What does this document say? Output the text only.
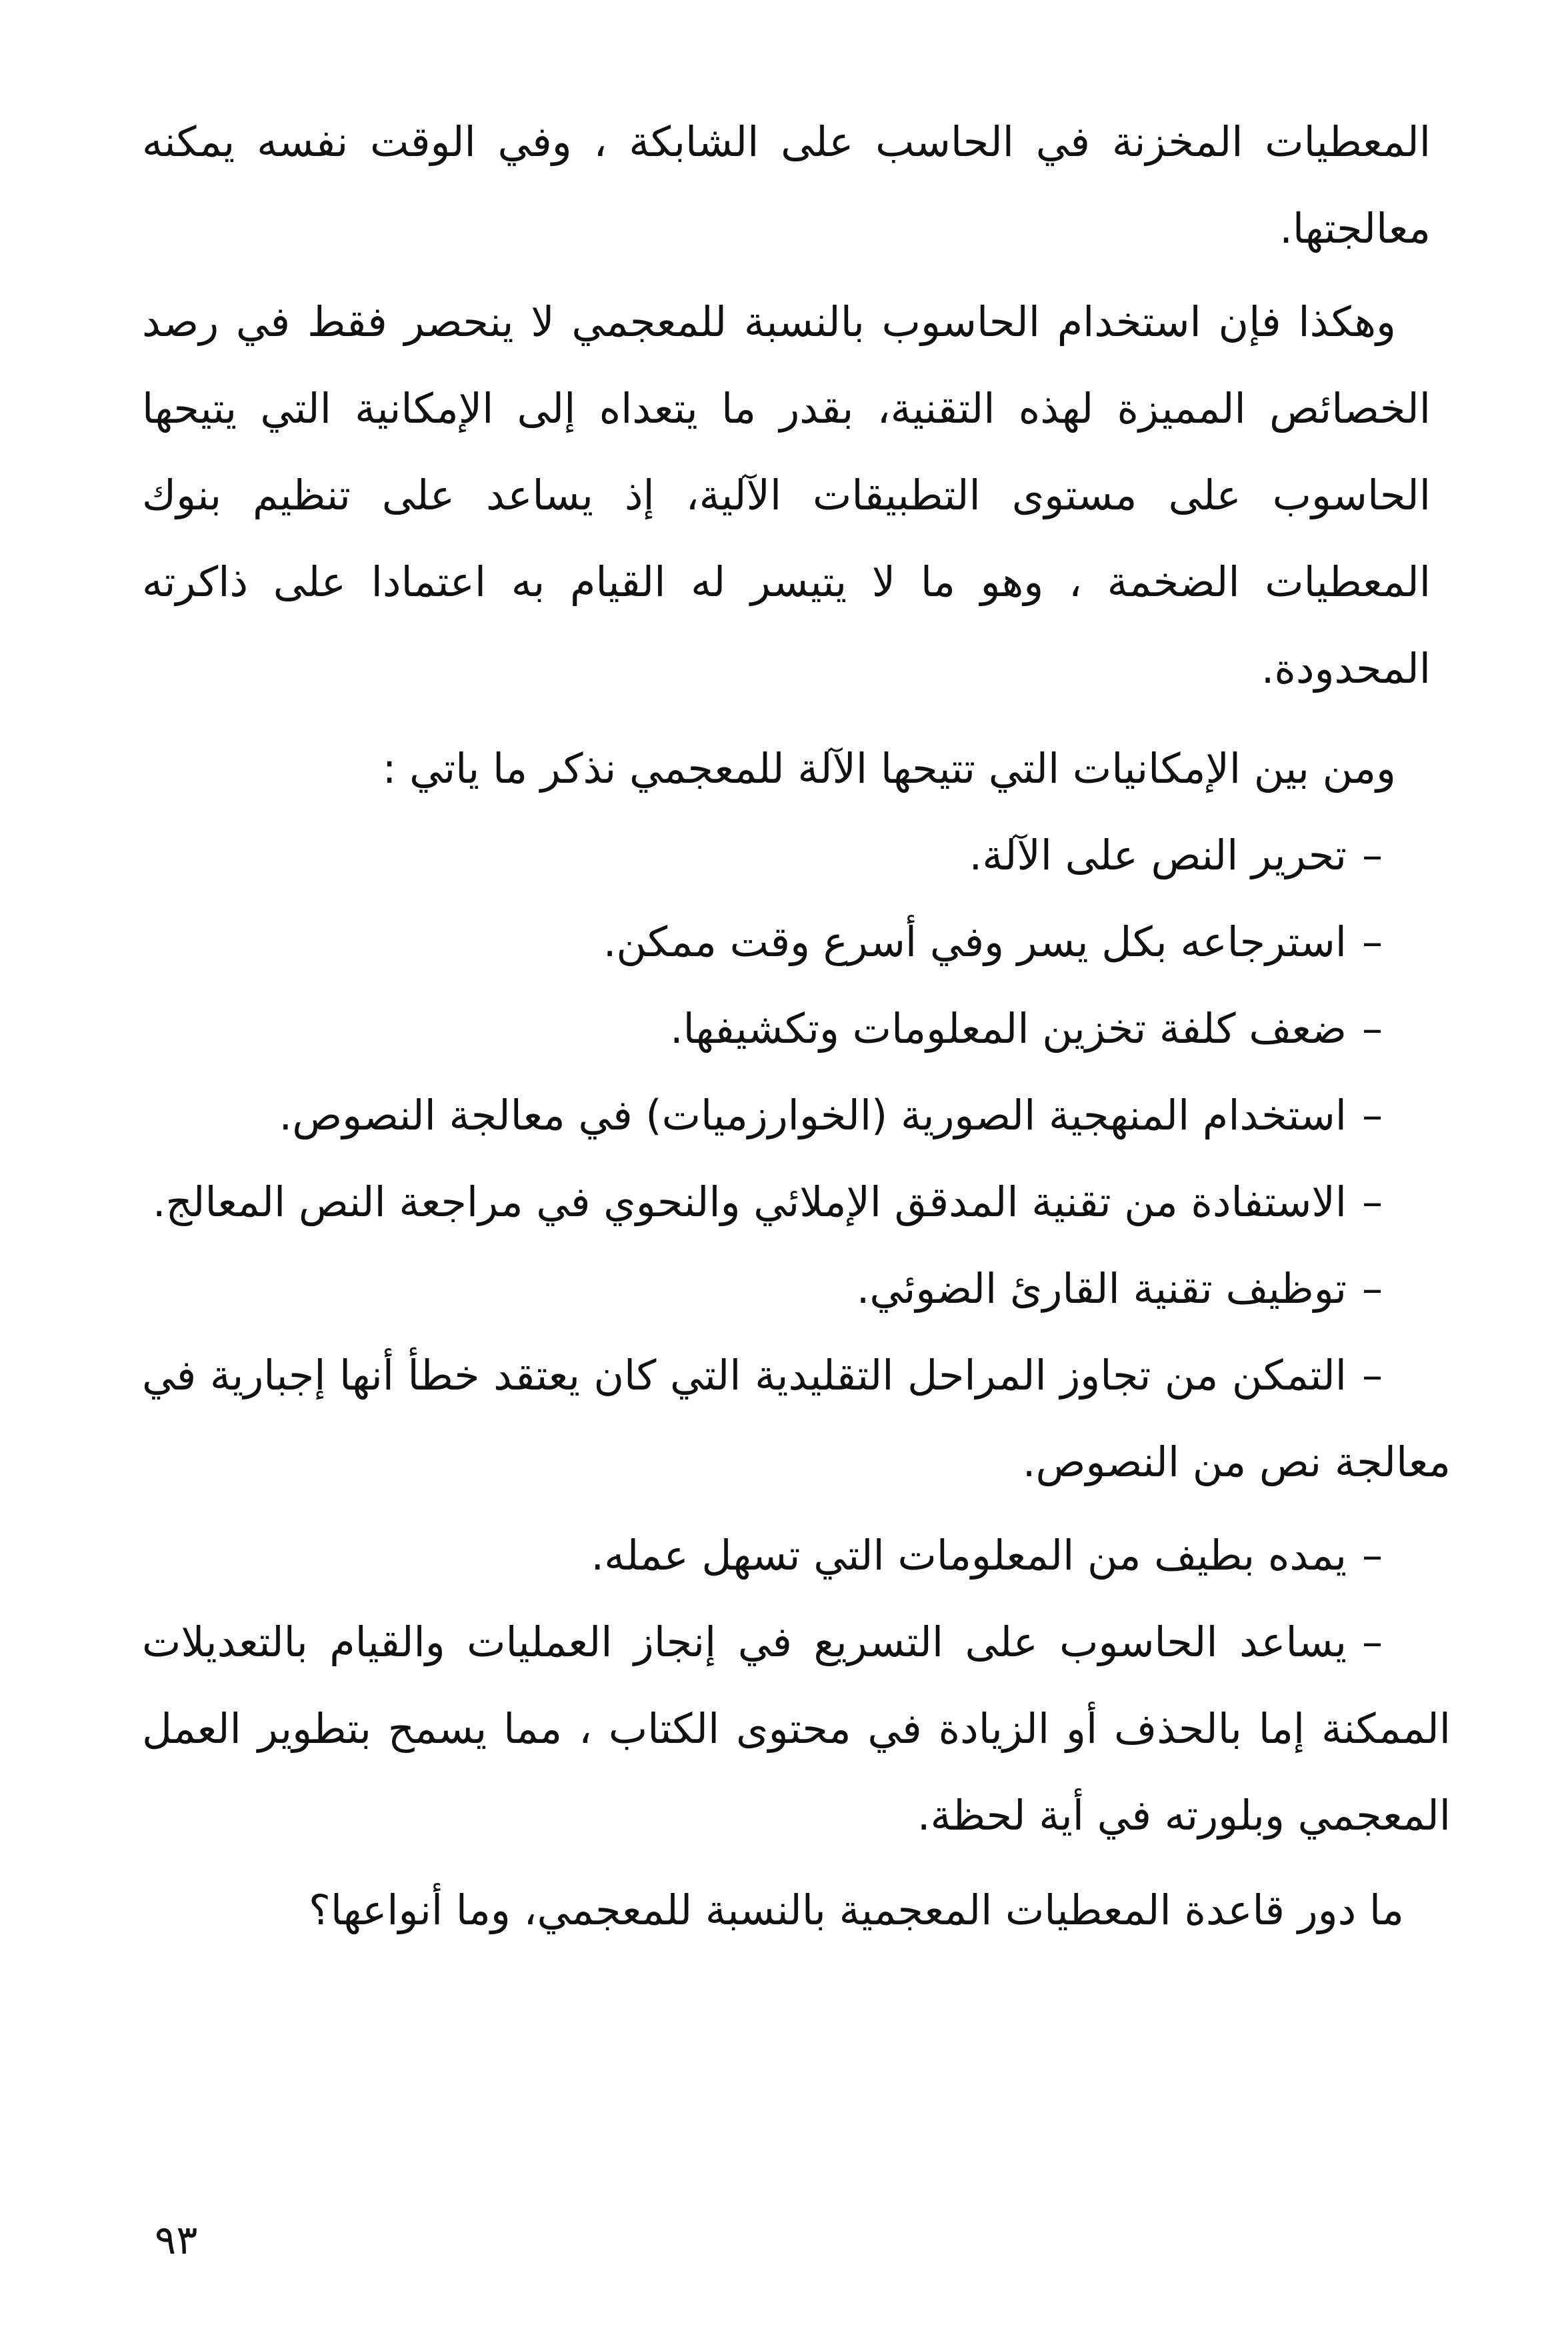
المعطيات المخزنة في الحاسب على الشابكة ، وفي الوقت نفسه يمكنه
معالجتها.
وهكذا فإن استخدام الحاسوب بالنسبة للمعجمي لا ينحصر فقط في رصد
الخصائص المميزة لهذه التقنية، بقدر ما يتعداه إلى الإمكانية التي يتيحها
الحاسوب على مستوى التطبيقات الآلية، إذ يساعد على تنظيم بنوك
المعطيات الضخمة ، وهو ما لا يتيسر له القيام به اعتمادا على ذاكرته
المحدودة.
ومن بين الإمكانيات التي تتيحها الآلة للمعجمي نذكر ما ياتي :
–
تحرير النص على الآلة.
–
استرجاعه بكل يسر وفي أسرع وقت ممكن.
–
ضعف كلفة تخزين المعلومات وتكشيفها.
–
استخدام المنهجية الصورية (الخوارزميات) في معالجة النصوص.
–
الاستفادة من تقنية المدقق الإملائي والنحوي في مراجعة النص المعالج.
–
توظيف تقنية القارئ الضوئي.
–
التمكن من تجاوز المراحل التقليدية التي كان يعتقد خطأ أنها إجبارية في
معالجة نص من النصوص.
–
يمده بطيف من المعلومات التي تسهل عمله.
–
يساعد الحاسوب على التسريع في إنجاز العمليات والقيام بالتعديلات
الممكنة إما بالحذف أو الزيادة في محتوى الكتاب ، مما يسمح بتطوير العمل
المعجمي وبلورته في أية لحظة.
ما دور قاعدة المعطيات المعجمية بالنسبة للمعجمي، وما أنواعها؟
٩٣
